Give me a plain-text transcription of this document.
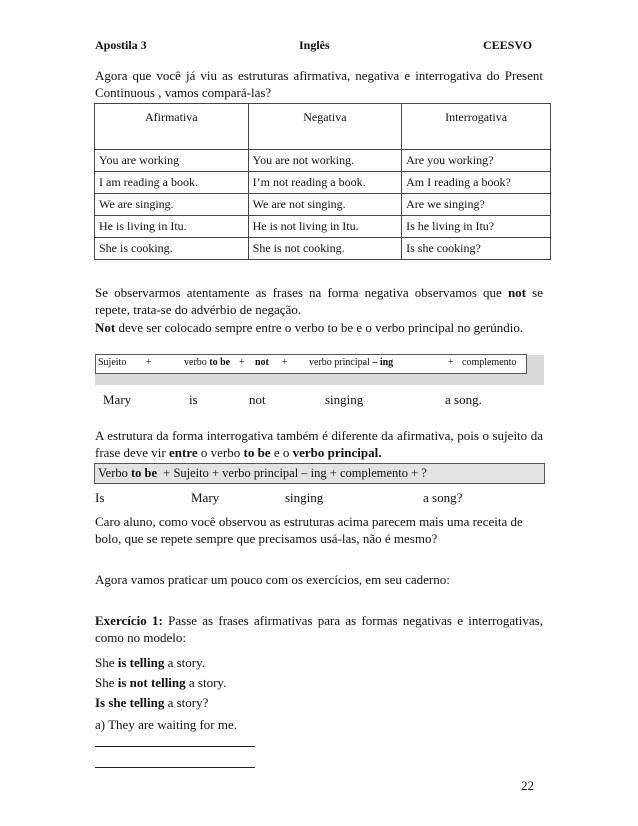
Apostila 3	Inglês	CEESVO
Agora que você já viu as estruturas afirmativa, negativa e interrogativa do Present Continuous , vamos compará-las?
Afirmativa	Negativa	Interrogativa
You are working	You are not working.	Are you working?
I am reading a book.	I’m not reading a book.	Am I reading a book?
We are singing.	We are not singing.	Are we singing?
He is living in Itu.	He is not living in Itu.	Is he living in Itu?
She is cooking.	She is not cooking.	Is she cooking?
Se observarmos atentamente as frases na forma negativa observamos que not se repete, trata-se do advérbio de negação.
Not deve ser colocado sempre entre o verbo to be e o verbo principal no gerúndio.
Sujeito +	verbo to be + not + verbo principal – ing	+ complemento
Mary	is	not	singing	a song.
A estrutura da forma interrogativa também é diferente da afirmativa, pois o sujeito da frase deve vir entre o verbo to be e o verbo principal.
Verbo to be + Sujeito + verbo principal – ing + complemento + ?
Is	Mary	singing	a song?
Caro aluno, como você observou as estruturas acima parecem mais uma receita de bolo, que se repete sempre que precisamos usá-las, não é mesmo?
Agora vamos praticar um pouco com os exercícios, em seu caderno:
Exercício 1: Passe as frases afirmativas para as formas negativas e interrogativas, como no modelo:
She is telling a story.
She is not telling a story.
Is she telling a story?
a) They are waiting for me.
22
